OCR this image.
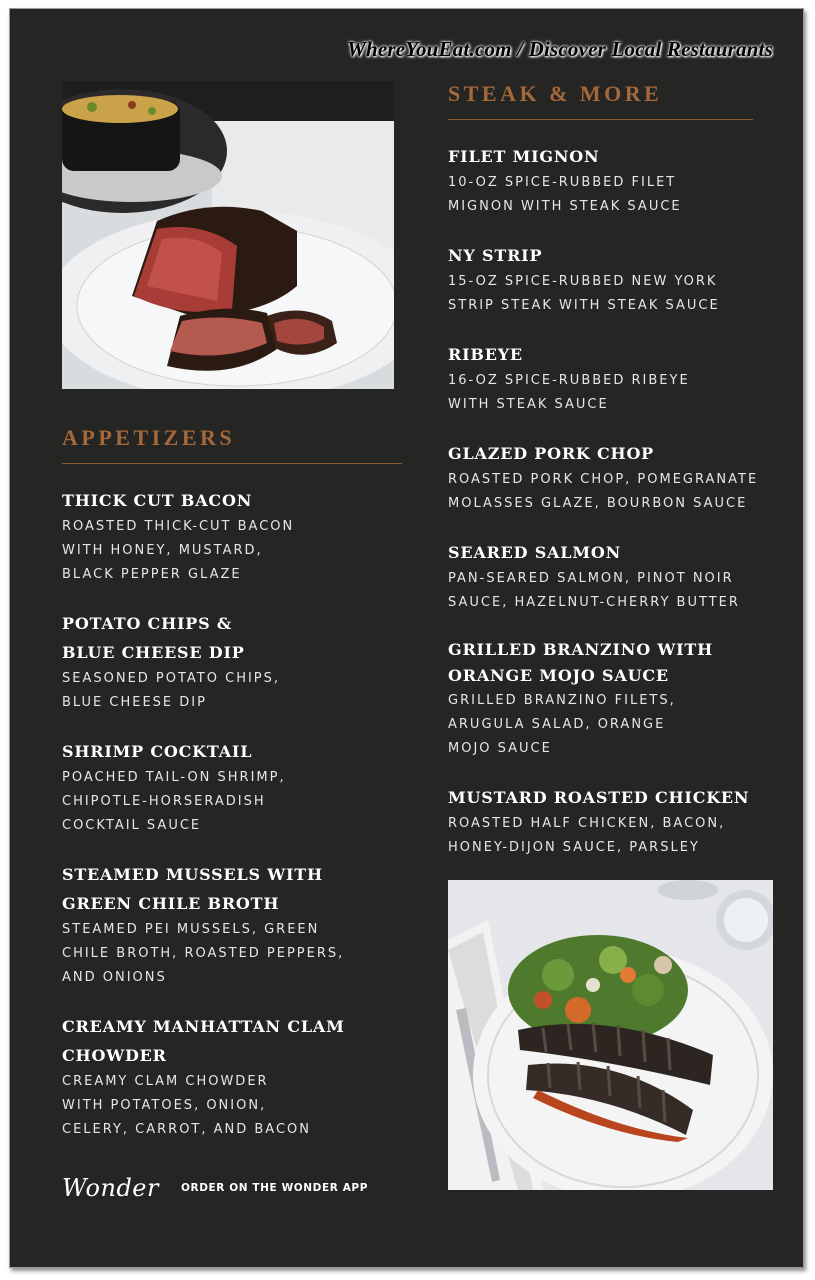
WhereYouEat.com / Discover Local Restaurants
APPETIZERS
THICK CUT BACON
ROASTED THICK-CUT BACON
WITH HONEY, MUSTARD,
BLACK PEPPER GLAZE
POTATO CHIPS &
BLUE CHEESE DIP
SEASONED POTATO CHIPS,
BLUE CHEESE DIP
SHRIMP COCKTAIL
POACHED TAIL-ON SHRIMP,
CHIPOTLE-HORSERADISH
COCKTAIL SAUCE
STEAMED MUSSELS WITH
GREEN CHILE BROTH
STEAMED PEI MUSSELS, GREEN
CHILE BROTH, ROASTED PEPPERS,
AND ONIONS
CREAMY MANHATTAN CLAM
CHOWDER
CREAMY CLAM CHOWDER
WITH POTATOES, ONION,
CELERY, CARROT, AND BACON
STEAK & MORE
FILET MIGNON
10-OZ SPICE-RUBBED FILET
MIGNON WITH STEAK SAUCE
NY STRIP
15-OZ SPICE-RUBBED NEW YORK
STRIP STEAK WITH STEAK SAUCE
RIBEYE
16-OZ SPICE-RUBBED RIBEYE
WITH STEAK SAUCE
GLAZED PORK CHOP
ROASTED PORK CHOP, POMEGRANATE
MOLASSES GLAZE, BOURBON SAUCE
SEARED SALMON
PAN-SEARED SALMON, PINOT NOIR
SAUCE, HAZELNUT-CHERRY BUTTER
GRILLED BRANZINO WITH
ORANGE MOJO SAUCE
GRILLED BRANZINO FILETS,
ARUGULA SALAD, ORANGE
MOJO SAUCE
MUSTARD ROASTED CHICKEN
ROASTED HALF CHICKEN, BACON,
HONEY-DIJON SAUCE, PARSLEY
Wonder ORDER ON THE WONDER APP
